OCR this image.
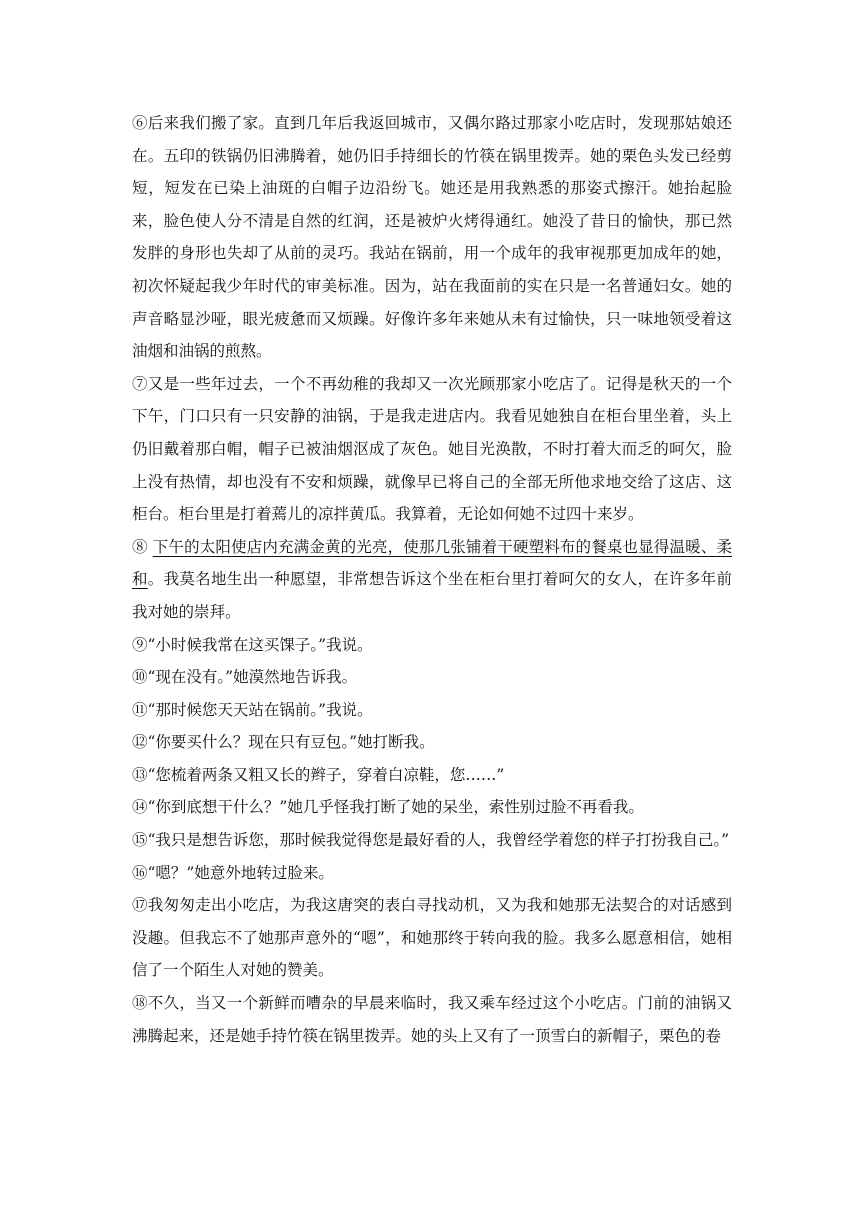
⑥后来我们搬了家。直到几年后我返回城市，又偶尔路过那家小吃店时，发现那姑娘还在。五印的铁锅仍旧沸腾着，她仍旧手持细长的竹筷在锅里拨弄。她的栗色头发已经剪短，短发在已染上油斑的白帽子边沿纷飞。她还是用我熟悉的那姿式擦汗。她抬起脸来，脸色使人分不清是自然的红润，还是被炉火烤得通红。她没了昔日的愉快，那已然发胖的身形也失却了从前的灵巧。我站在锅前，用一个成年的我审视那更加成年的她，初次怀疑起我少年时代的审美标准。因为，站在我面前的实在只是一名普通妇女。她的声音略显沙哑，眼光疲惫而又烦躁。好像许多年来她从未有过愉快，只一味地领受着这油烟和油锅的煎熬。

⑦又是一些年过去，一个不再幼稚的我却又一次光顾那家小吃店了。记得是秋天的一个下午，门口只有一只安静的油锅，于是我走进店内。我看见她独自在柜台里坐着，头上仍旧戴着那白帽，帽子已被油烟沤成了灰色。她目光涣散，不时打着大而乏的呵欠，脸上没有热情，却也没有不安和烦躁，就像早已将自己的全部无所他求地交给了这店、这柜台。柜台里是打着蔫儿的凉拌黄瓜。我算着，无论如何她不过四十来岁。

⑧ 下午的太阳使店内充满金黄的光亮，使那几张铺着干硬塑料布的餐桌也显得温暖、柔和。我莫名地生出一种愿望，非常想告诉这个坐在柜台里打着呵欠的女人，在许多年前我对她的崇拜。

⑨“小时候我常在这买馃子。”我说。

⑩“现在没有。”她漠然地告诉我。

⑪“那时候您天天站在锅前。”我说。

⑫“你要买什么？现在只有豆包。”她打断我。

⑬“您梳着两条又粗又长的辫子，穿着白凉鞋，您……”

⑭“你到底想干什么？”她几乎怪我打断了她的呆坐，索性别过脸不再看我。

⑮“我只是想告诉您，那时候我觉得您是最好看的人，我曾经学着您的样子打扮我自己。”

⑯“嗯？”她意外地转过脸来。

⑰我匆匆走出小吃店，为我这唐突的表白寻找动机，又为我和她那无法契合的对话感到没趣。但我忘不了她那声意外的“嗯”，和她那终于转向我的脸。我多么愿意相信，她相信了一个陌生人对她的赞美。

⑱不久，当又一个新鲜而嘈杂的早晨来临时，我又乘车经过这个小吃店。门前的油锅又沸腾起来，还是她手持竹筷在锅里拨弄。她的头上又有了一顶雪白的新帽子，栗色的卷
